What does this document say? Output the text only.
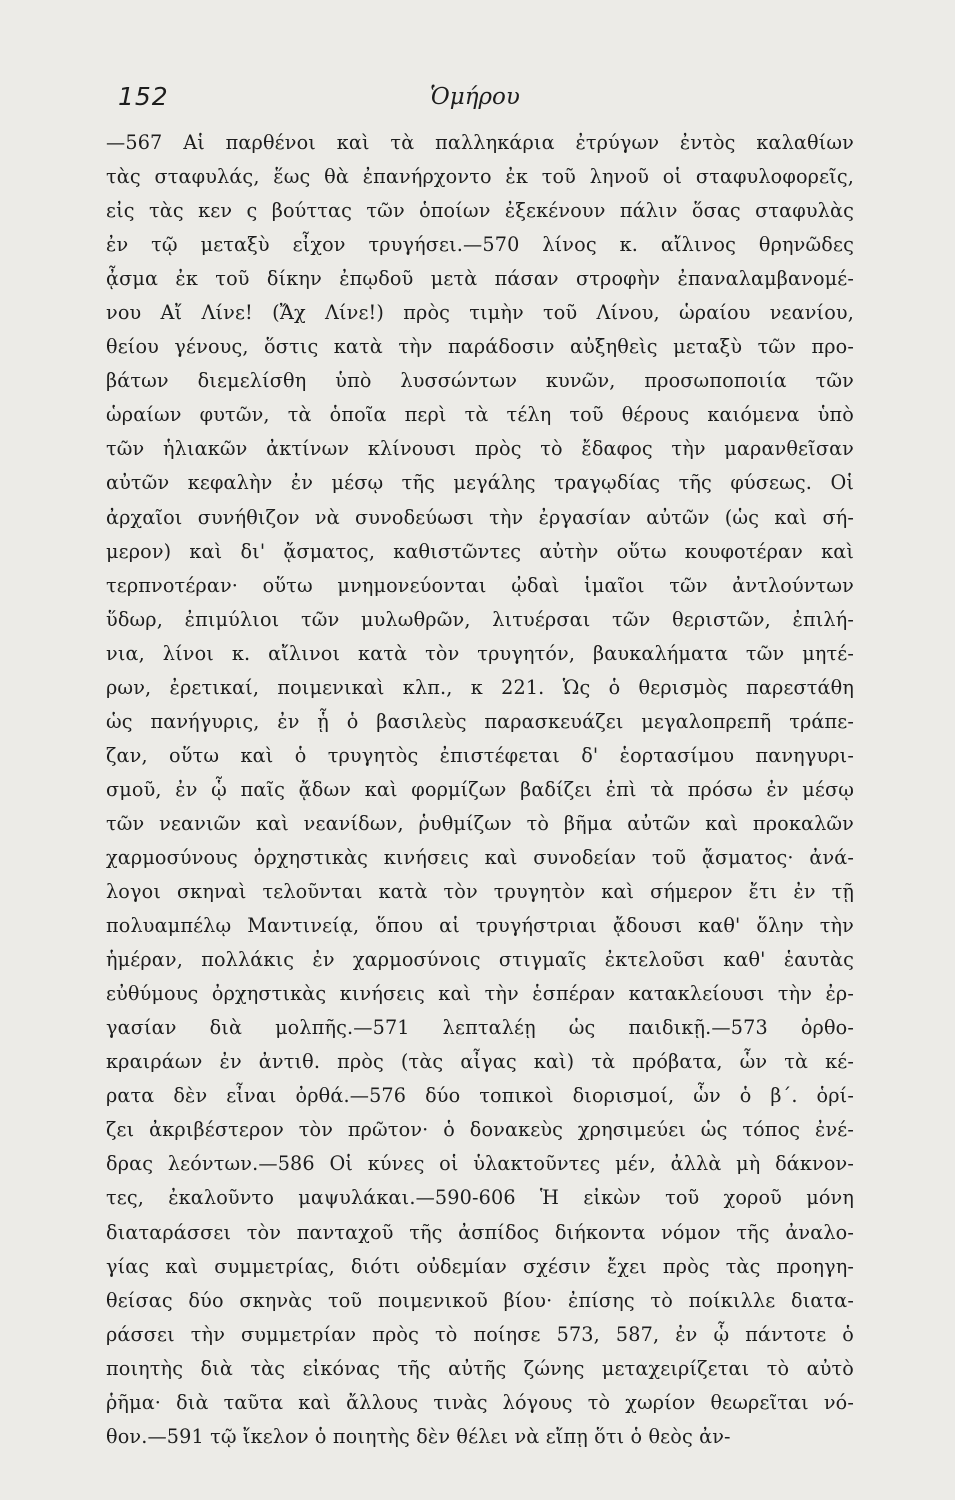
152	Ὁμήρου
—567 Αἱ παρθένοι καὶ τὰ παλληκάρια ἐτρύγων ἐντὸς καλαθίων
τὰς σταφυλάς, ἕως θὰ ἐπανήρχοντο ἐκ τοῦ ληνοῦ οἱ σταφυλοφορεῖς,
εἰς τὰς κεν ς βούττας τῶν ὁποίων ἐξεκένουν πάλιν ὅσας σταφυλὰς
ἐν τῷ μεταξὺ εἶχον τρυγήσει.—570 λίνος κ. αἴλινος θρηνῶδες
ᾆσμα ἐκ τοῦ δίκην ἐπῳδοῦ μετὰ πάσαν στροφὴν ἐπαναλαμβανομέ-
νου Αἴ Λίνε! (Ἄχ Λίνε!) πρὸς τιμὴν τοῦ Λίνου, ὡραίου νεανίου,
θείου γένους, ὅστις κατὰ τὴν παράδοσιν αὐξηθεὶς μεταξὺ τῶν προ-
βάτων διεμελίσθη ὑπὸ λυσσώντων κυνῶν, προσωποποιία τῶν
ὡραίων φυτῶν, τὰ ὁποῖα περὶ τὰ τέλη τοῦ θέρους καιόμενα ὑπὸ
τῶν ἡλιακῶν ἀκτίνων κλίνουσι πρὸς τὸ ἔδαφος τὴν μαρανθεῖσαν
αὐτῶν κεφαλὴν ἐν μέσῳ τῆς μεγάλης τραγῳδίας τῆς φύσεως. Οἱ
ἀρχαῖοι συνήθιζον νὰ συνοδεύωσι τὴν ἐργασίαν αὐτῶν (ὡς καὶ σή-
μερον) καὶ δι' ᾄσματος, καθιστῶντες αὐτὴν οὕτω κουφοτέραν καὶ
τερπνοτέραν· οὕτω μνημονεύονται ᾠδαὶ ἱμαῖοι τῶν ἀντλούντων
ὕδωρ, ἐπιμύλιοι τῶν μυλωθρῶν, λιτυέρσαι τῶν θεριστῶν, ἐπιλή-
νια, λίνοι κ. αἴλινοι κατὰ τὸν τρυγητόν, βαυκαλήματα τῶν μητέ-
ρων, ἐρετικαί, ποιμενικαὶ κλπ., κ 221. Ὡς ὁ θερισμὸς παρεστάθη
ὡς πανήγυρις, ἐν ᾗ ὁ βασιλεὺς παρασκευάζει μεγαλοπρεπῆ τράπε-
ζαν, οὕτω καὶ ὁ τρυγητὸς ἐπιστέφεται δ' ἑορτασίμου πανηγυρι-
σμοῦ, ἐν ᾧ παῖς ᾄδων καὶ φορμίζων βαδίζει ἐπὶ τὰ πρόσω ἐν μέσῳ
τῶν νεανιῶν καὶ νεανίδων, ῥυθμίζων τὸ βῆμα αὐτῶν καὶ προκαλῶν
χαρμοσύνους ὀρχηστικὰς κινήσεις καὶ συνοδείαν τοῦ ᾄσματος· ἀνά-
λογοι σκηναὶ τελοῦνται κατὰ τὸν τρυγητὸν καὶ σήμερον ἔτι ἐν τῇ
πολυαμπέλῳ Μαντινείᾳ, ὅπου αἱ τρυγήστριαι ᾄδουσι καθ' ὅλην τὴν
ἡμέραν, πολλάκις ἐν χαρμοσύνοις στιγμαῖς ἐκτελοῦσι καθ' ἑαυτὰς
εὐθύμους ὀρχηστικὰς κινήσεις καὶ τὴν ἑσπέραν κατακλείουσι τὴν ἐρ-
γασίαν διὰ μολπῆς.—571 λεπταλέῃ ὡς παιδικῇ.—573 ὀρθο-
κραιράων ἐν ἀντιθ. πρὸς (τὰς αἶγας καὶ) τὰ πρόβατα, ὧν τὰ κέ-
ρατα δὲν εἶναι ὀρθά.—576 δύο τοπικοὶ διορισμοί, ὧν ὁ β΄. ὁρί-
ζει ἀκριβέστερον τὸν πρῶτον· ὁ δονακεὺς χρησιμεύει ὡς τόπος ἐνέ-
δρας λεόντων.—586 Οἱ κύνες οἱ ὑλακτοῦντες μέν, ἀλλὰ μὴ δάκνον-
τες, ἐκαλοῦντο μαψυλάκαι.—590-606 Ἡ εἰκὼν τοῦ χοροῦ μόνη
διαταράσσει τὸν πανταχοῦ τῆς ἀσπίδος διήκοντα νόμον τῆς ἀναλο-
γίας καὶ συμμετρίας, διότι οὐδεμίαν σχέσιν ἔχει πρὸς τὰς προηγη-
θείσας δύο σκηνὰς τοῦ ποιμενικοῦ βίου· ἐπίσης τὸ ποίκιλλε διατα-
ράσσει τὴν συμμετρίαν πρὸς τὸ ποίησε 573, 587, ἐν ᾧ πάντοτε ὁ
ποιητὴς διὰ τὰς εἰκόνας τῆς αὐτῆς ζώνης μεταχειρίζεται τὸ αὐτὸ
ῥῆμα· διὰ ταῦτα καὶ ἄλλους τινὰς λόγους τὸ χωρίον θεωρεῖται νό-
θον.—591 τῷ ἴκελον ὁ ποιητὴς δὲν θέλει νὰ εἴπῃ ὅτι ὁ θεὸς ἀν-
